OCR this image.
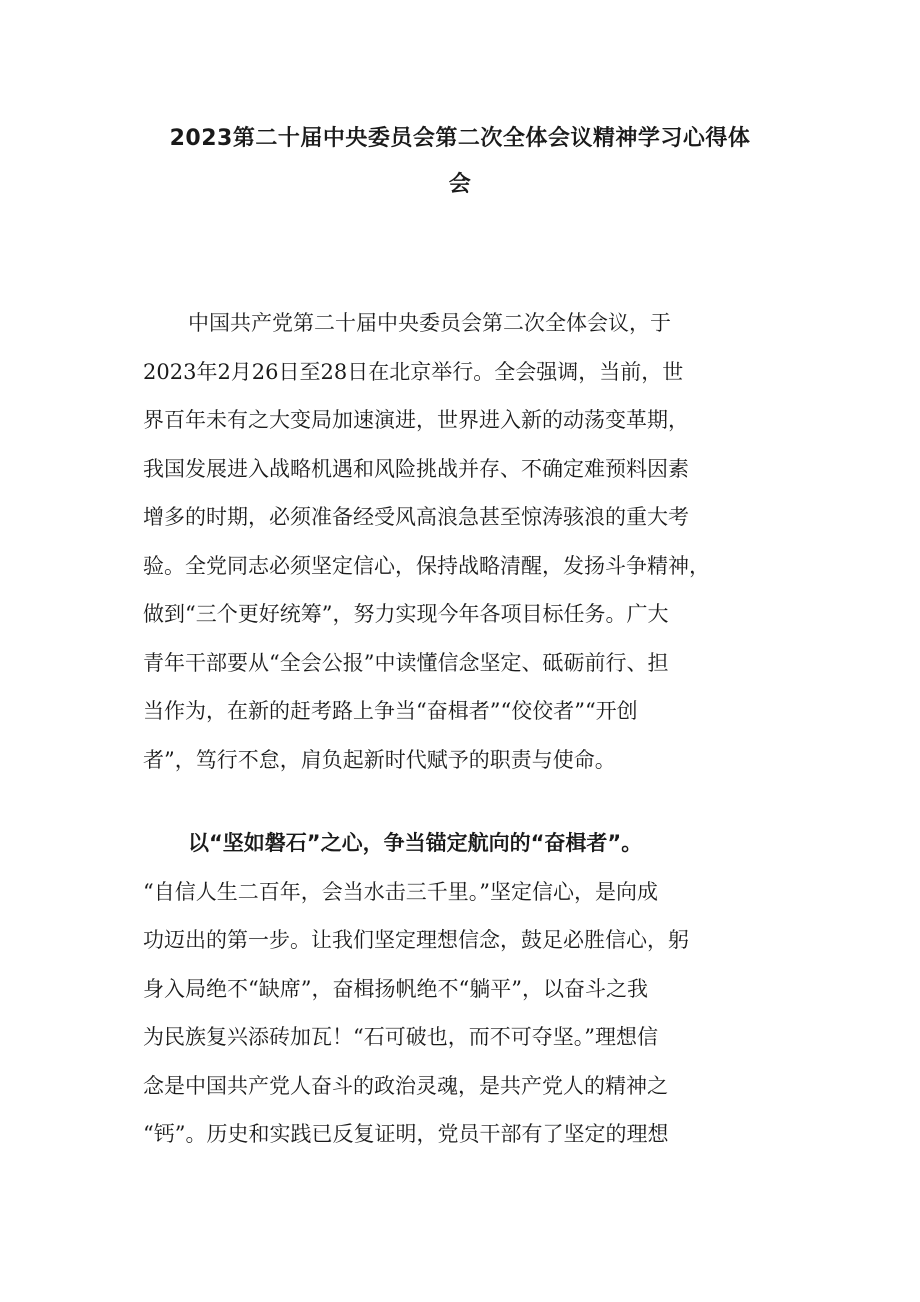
2023第二十届中央委员会第二次全体会议精神学习心得体
会
中国共产党第二十届中央委员会第二次全体会议，于
2023年2月26日至28日在北京举行。全会强调，当前，世
界百年未有之大变局加速演进，世界进入新的动荡变革期，
我国发展进入战略机遇和风险挑战并存、不确定难预料因素
增多的时期，必须准备经受风高浪急甚至惊涛骇浪的重大考
验。全党同志必须坚定信心，保持战略清醒，发扬斗争精神，
做到“三个更好统筹”，努力实现今年各项目标任务。广大
青年干部要从“全会公报”中读懂信念坚定、砥砺前行、担
当作为，在新的赶考路上争当“奋楫者”“佼佼者”“开创
者”，笃行不怠，肩负起新时代赋予的职责与使命。
以“坚如磐石”之心，争当锚定航向的“奋楫者”。
“自信人生二百年，会当水击三千里。”坚定信心，是向成
功迈出的第一步。让我们坚定理想信念，鼓足必胜信心，躬
身入局绝不“缺席”，奋楫扬帆绝不“躺平”，以奋斗之我
为民族复兴添砖加瓦！“石可破也，而不可夺坚。”理想信
念是中国共产党人奋斗的政治灵魂，是共产党人的精神之
“钙”。历史和实践已反复证明，党员干部有了坚定的理想
